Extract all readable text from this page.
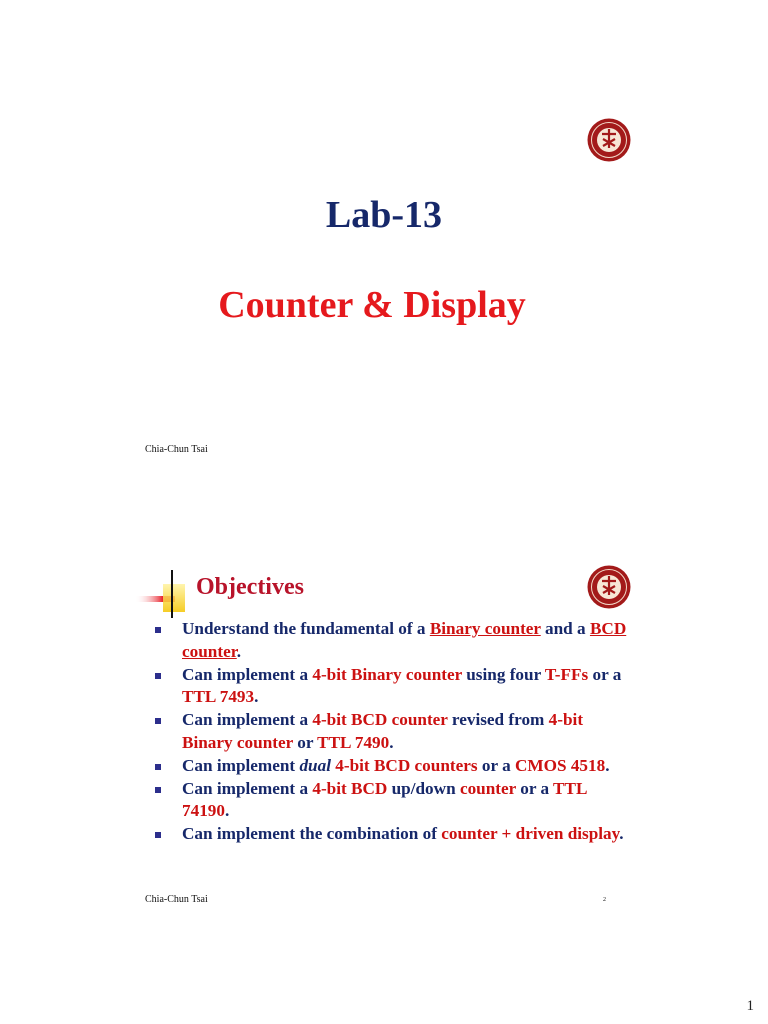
Lab-13
Counter & Display
Chia-Chun Tsai
Objectives
Understand the fundamental of a Binary counter and a BCD counter.
Can implement a 4-bit Binary counter using four T-FFs or a TTL 7493.
Can implement a 4-bit BCD counter revised from 4-bit Binary counter or TTL 7490.
Can implement dual 4-bit BCD counters or a CMOS 4518.
Can implement a 4-bit BCD up/down counter or a TTL 74190.
Can implement the combination of counter + driven display.
Chia-Chun Tsai	2
1
